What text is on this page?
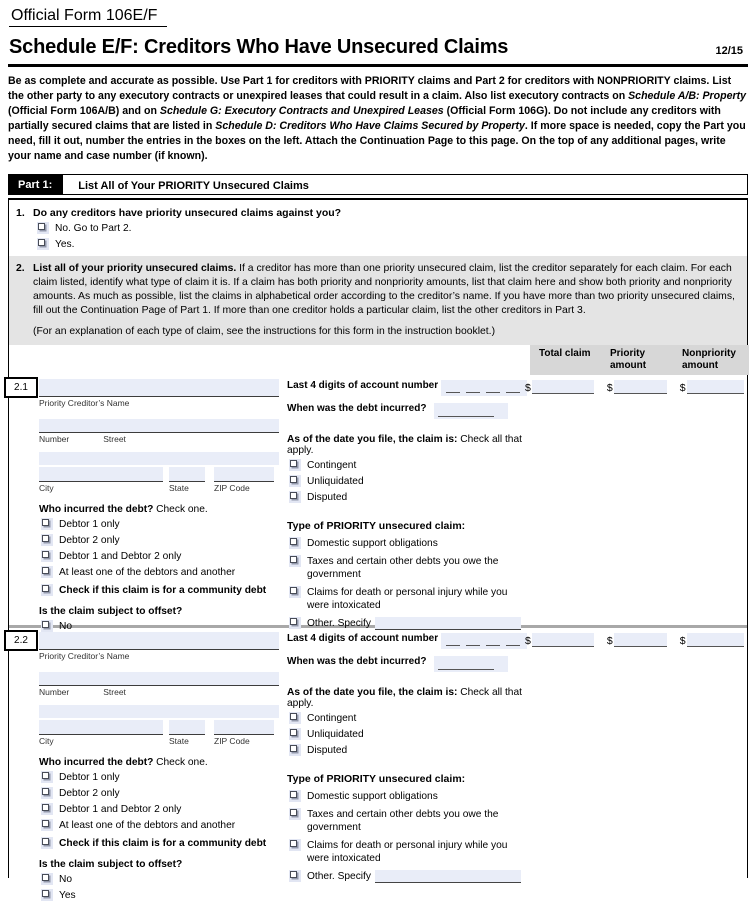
Official Form 106E/F
Schedule E/F: Creditors Who Have Unsecured Claims	12/15
Be as complete and accurate as possible. Use Part 1 for creditors with PRIORITY claims and Part 2 for creditors with NONPRIORITY claims. List the other party to any executory contracts or unexpired leases that could result in a claim. Also list executory contracts on Schedule A/B: Property (Official Form 106A/B) and on Schedule G: Executory Contracts and Unexpired Leases (Official Form 106G). Do not include any creditors with partially secured claims that are listed in Schedule D: Creditors Who Have Claims Secured by Property. If more space is needed, copy the Part you need, fill it out, number the entries in the boxes on the left. Attach the Continuation Page to this page. On the top of any additional pages, write your name and case number (if known).
Part 1:	List All of Your PRIORITY Unsecured Claims
1. Do any creditors have priority unsecured claims against you?
No. Go to Part 2.
Yes.
2. List all of your priority unsecured claims. If a creditor has more than one priority unsecured claim, list the creditor separately for each claim. For each claim listed, identify what type of claim it is. If a claim has both priority and nonpriority amounts, list that claim here and show both priority and nonpriority amounts. As much as possible, list the claims in alphabetical order according to the creditor’s name. If you have more than two priority unsecured claims, fill out the Continuation Page of Part 1. If more than one creditor holds a particular claim, list the other creditors in Part 3.
(For an explanation of each type of claim, see the instructions for this form in the instruction booklet.)
Total claim	Priority amount
Nonpriority amount
2.1
Priority Creditor’s Name
Number	Street
City	State	ZIP Code
Who incurred the debt? Check one.
Debtor 1 only
Debtor 2 only
Debtor 1 and Debtor 2 only
At least one of the debtors and another
Check if this claim is for a community debt
Is the claim subject to offset?
No
Last 4 digits of account number
When was the debt incurred?
As of the date you file, the claim is: Check all that apply.
Contingent
Unliquidated
Disputed
Type of PRIORITY unsecured claim:
Domestic support obligations
Taxes and certain other debts you owe the government
Claims for death or personal injury while you were intoxicated
Other. Specify
$	$	$
2.2
Priority Creditor’s Name
Number	Street
City	State	ZIP Code
Who incurred the debt? Check one.
Debtor 1 only
Debtor 2 only
Debtor 1 and Debtor 2 only
At least one of the debtors and another
Check if this claim is for a community debt
Is the claim subject to offset?
No
Yes
Last 4 digits of account number
When was the debt incurred?
As of the date you file, the claim is: Check all that apply.
Contingent
Unliquidated
Disputed
Type of PRIORITY unsecured claim:
Domestic support obligations
Taxes and certain other debts you owe the government
Claims for death or personal injury while you were intoxicated
Other. Specify
$	$	$
